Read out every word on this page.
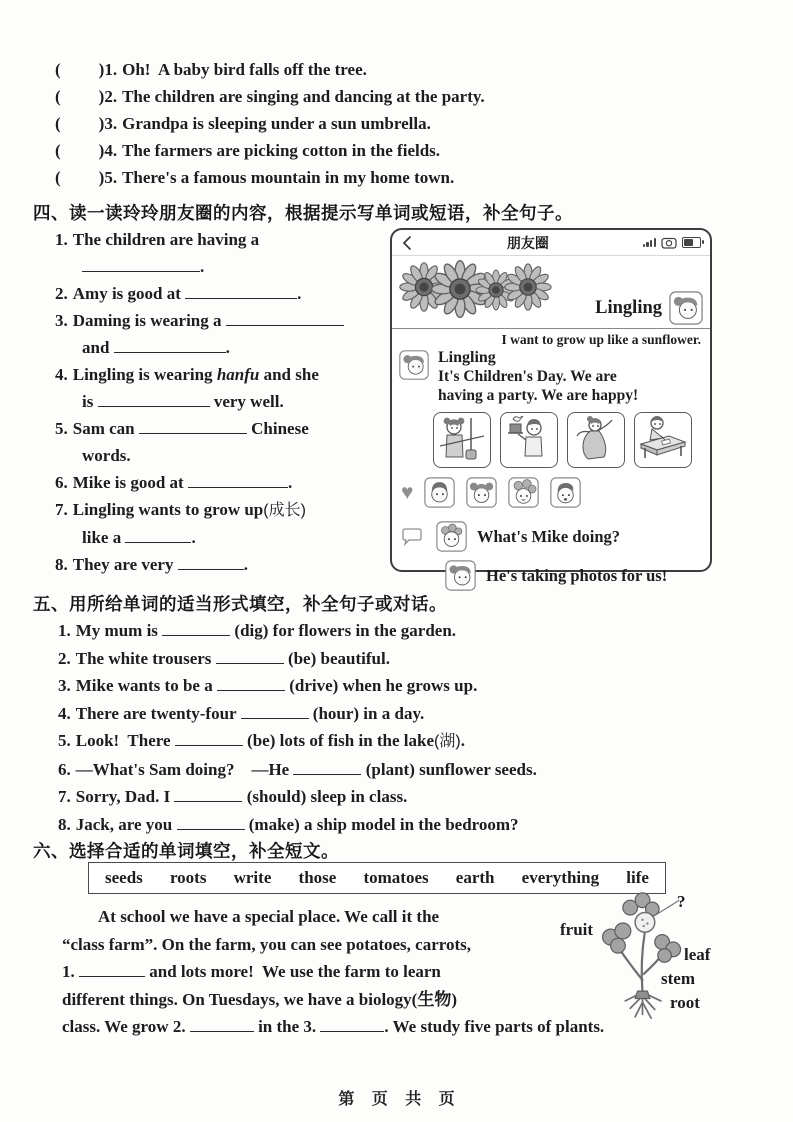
( )1. Oh!  A baby bird falls off the tree.
( )2. The children are singing and dancing at the party.
( )3. Grandpa is sleeping under a sun umbrella.
( )4. The farmers are picking cotton in the fields.
( )5. There's a famous mountain in my home town.
四、读一读玲玲朋友圈的内容，根据提示写单词或短语，补全句子。
1. The children are having a
.
2. Amy is good at	.
3. Daming is wearing a
and	.
4. Lingling is wearing hanfu and she
is	very well.
5. Sam can	Chinese
words.
6. Mike is good at	.
7. Lingling wants to grow up(成长)
like a	.
8. They are very	.
朋友圈
Lingling
I want to grow up like a sunflower.
Lingling
It's Children's Day. We are
having a party. We are happy!
♥
What's Mike doing?
He's taking photos for us!
五、用所给单词的适当形式填空，补全句子或对话。
1. My mum is	(dig) for flowers in the garden.
2. The white trousers	(be) beautiful.
3. Mike wants to be a	(drive) when he grows up.
4. There are twenty-four	(hour) in a day.
5. Look!  There	(be) lots of fish in the lake(湖).
6. —What's Sam doing?    —He	(plant) sunflower seeds.
7. Sorry, Dad. I	(should) sleep in class.
8. Jack, are you	(make) a ship model in the bedroom?
六、选择合适的单词填空，补全短文。
seeds roots write those tomatoes earth everything life
At school we have a special place. We call it the
“class farm”. On the farm, you can see potatoes, carrots,
1.	and lots more!  We use the farm to learn
different things. On Tuesdays, we have a biology(生物)
class. We grow 2.	in the 3.	. We study five parts of plants.
fruit
?
leaf
stem
root
第 页 共 页
